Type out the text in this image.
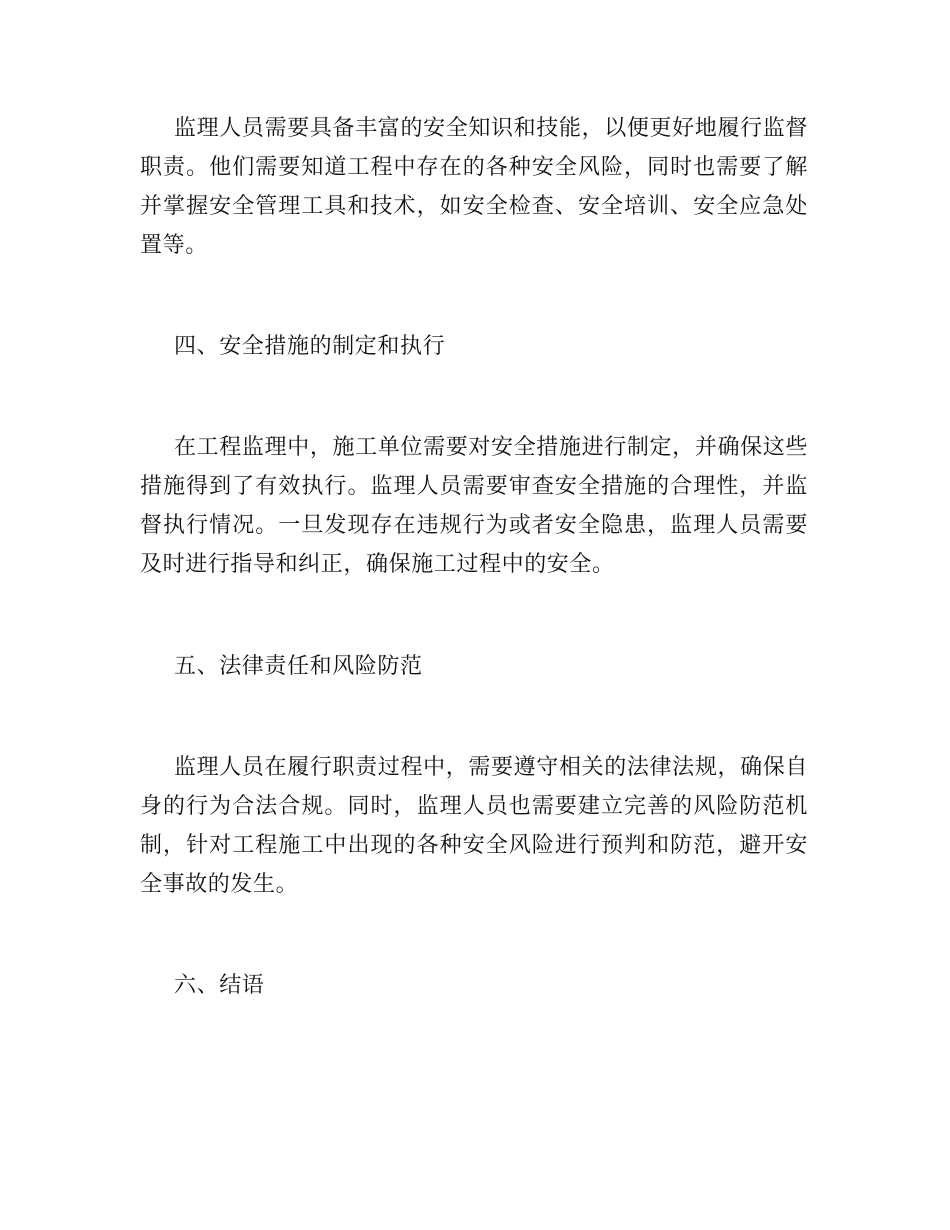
监理人员需要具备丰富的安全知识和技能，以便更好地履行监督职责。他们需要知道工程中存在的各种安全风险，同时也需要了解并掌握安全管理工具和技术，如安全检查、安全培训、安全应急处置等。

四、安全措施的制定和执行

在工程监理中，施工单位需要对安全措施进行制定，并确保这些措施得到了有效执行。监理人员需要审查安全措施的合理性，并监督执行情况。一旦发现存在违规行为或者安全隐患，监理人员需要及时进行指导和纠正，确保施工过程中的安全。

五、法律责任和风险防范

监理人员在履行职责过程中，需要遵守相关的法律法规，确保自身的行为合法合规。同时，监理人员也需要建立完善的风险防范机制，针对工程施工中出现的各种安全风险进行预判和防范，避开安全事故的发生。

六、结语
